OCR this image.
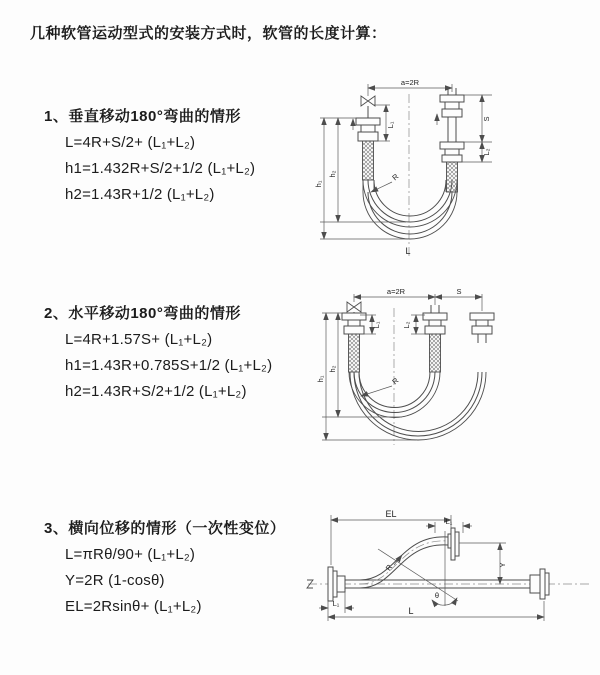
几种软管运动型式的安装方式时，软管的长度计算：
1、垂直移动180°弯曲的情形
L=4R+S/2+ (L₁+L₂)
h1=1.432R+S/2+1/2 (L₁+L₂)
h2=1.43R+1/2 (L₁+L₂)
2、水平移动180°弯曲的情形
L=4R+1.57S+ (L₁+L₂)
h1=1.43R+0.785S+1/2 (L₁+L₂)
h2=1.43R+S/2+1/2 (L₁+L₂)
3、横向位移的情形（一次性变位）
L=πRθ/90+ (L₁+L₂)
Y=2R (1-cosθ)
EL=2Rsinθ+ (L₁+L₂)
a=2R
h₁
h₂
L₁
S
L₂
R
L
a=2R	S
h₁
h₂
L₁	L₂
R
EL
L₁
Y
θ
R
L₁
L
